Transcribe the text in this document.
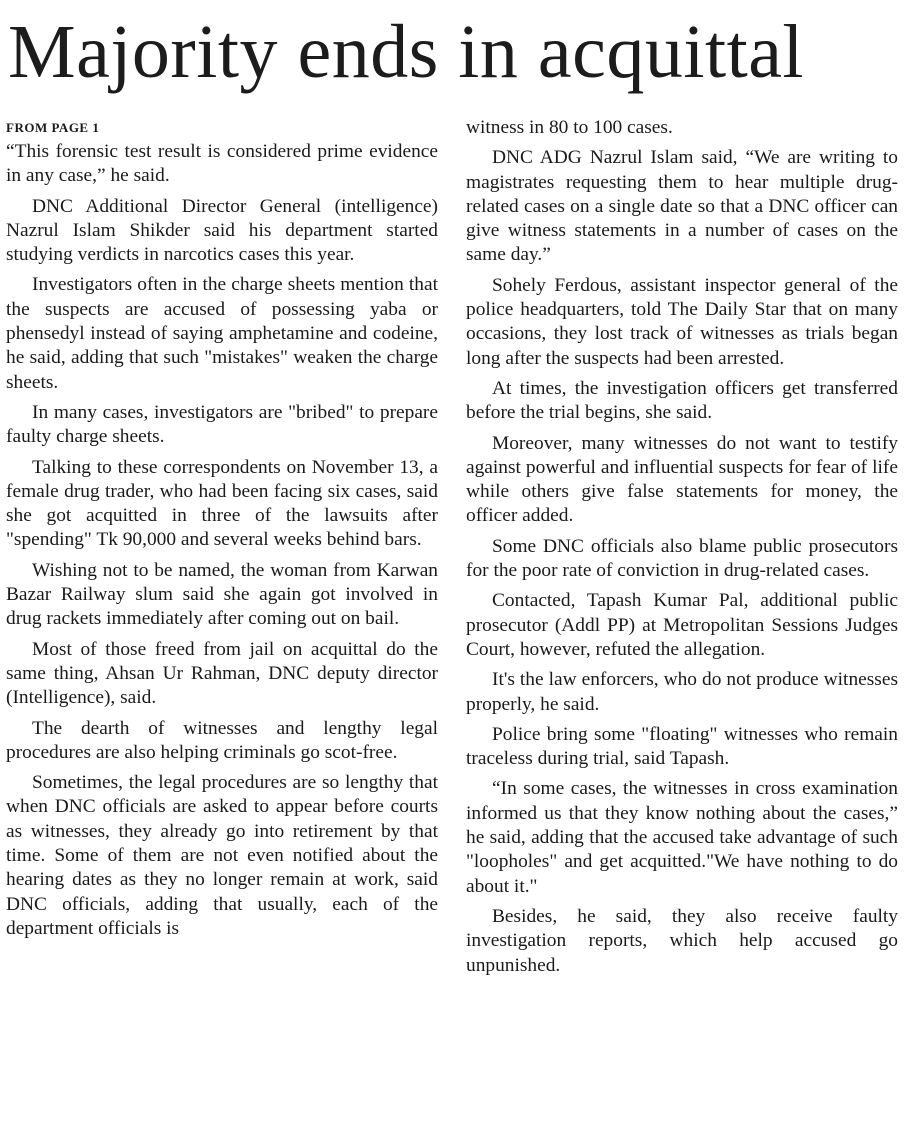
Majority ends in acquittal
FROM PAGE 1

“This forensic test result is considered prime evidence in any case,” he said.

DNC Additional Director General (intelligence) Nazrul Islam Shikder said his department started studying verdicts in narcotics cases this year.

Investigators often in the charge sheets mention that the suspects are accused of possessing yaba or phensedyl instead of saying amphetamine and codeine, he said, adding that such "mistakes" weaken the charge sheets.

In many cases, investigators are "bribed" to prepare faulty charge sheets.

Talking to these correspondents on November 13, a female drug trader, who had been facing six cases, said she got acquitted in three of the lawsuits after "spending" Tk 90,000 and several weeks behind bars.

Wishing not to be named, the woman from Karwan Bazar Railway slum said she again got involved in drug rackets immediately after coming out on bail.

Most of those freed from jail on acquittal do the same thing, Ahsan Ur Rahman, DNC deputy director (Intelligence), said.

The dearth of witnesses and lengthy legal procedures are also helping criminals go scot-free.

Sometimes, the legal procedures are so lengthy that when DNC officials are asked to appear before courts as witnesses, they already go into retirement by that time. Some of them are not even notified about the hearing dates as they no longer remain at work, said DNC officials, adding that usually, each of the department officials is

witness in 80 to 100 cases.

DNC ADG Nazrul Islam said, “We are writing to magistrates requesting them to hear multiple drug-related cases on a single date so that a DNC officer can give witness statements in a number of cases on the same day.”

Sohely Ferdous, assistant inspector general of the police headquarters, told The Daily Star that on many occasions, they lost track of witnesses as trials began long after the suspects had been arrested.

At times, the investigation officers get transferred before the trial begins, she said.

Moreover, many witnesses do not want to testify against powerful and influential suspects for fear of life while others give false statements for money, the officer added.

Some DNC officials also blame public prosecutors for the poor rate of conviction in drug-related cases.

Contacted, Tapash Kumar Pal, additional public prosecutor (Addl PP) at Metropolitan Sessions Judges Court, however, refuted the allegation.

It's the law enforcers, who do not produce witnesses properly, he said.

Police bring some "floating" witnesses who remain traceless during trial, said Tapash.

“In some cases, the witnesses in cross examination informed us that they know nothing about the cases,” he said, adding that the accused take advantage of such "loopholes" and get acquitted."We have nothing to do about it."

Besides, he said, they also receive faulty investigation reports, which help accused go unpunished.
